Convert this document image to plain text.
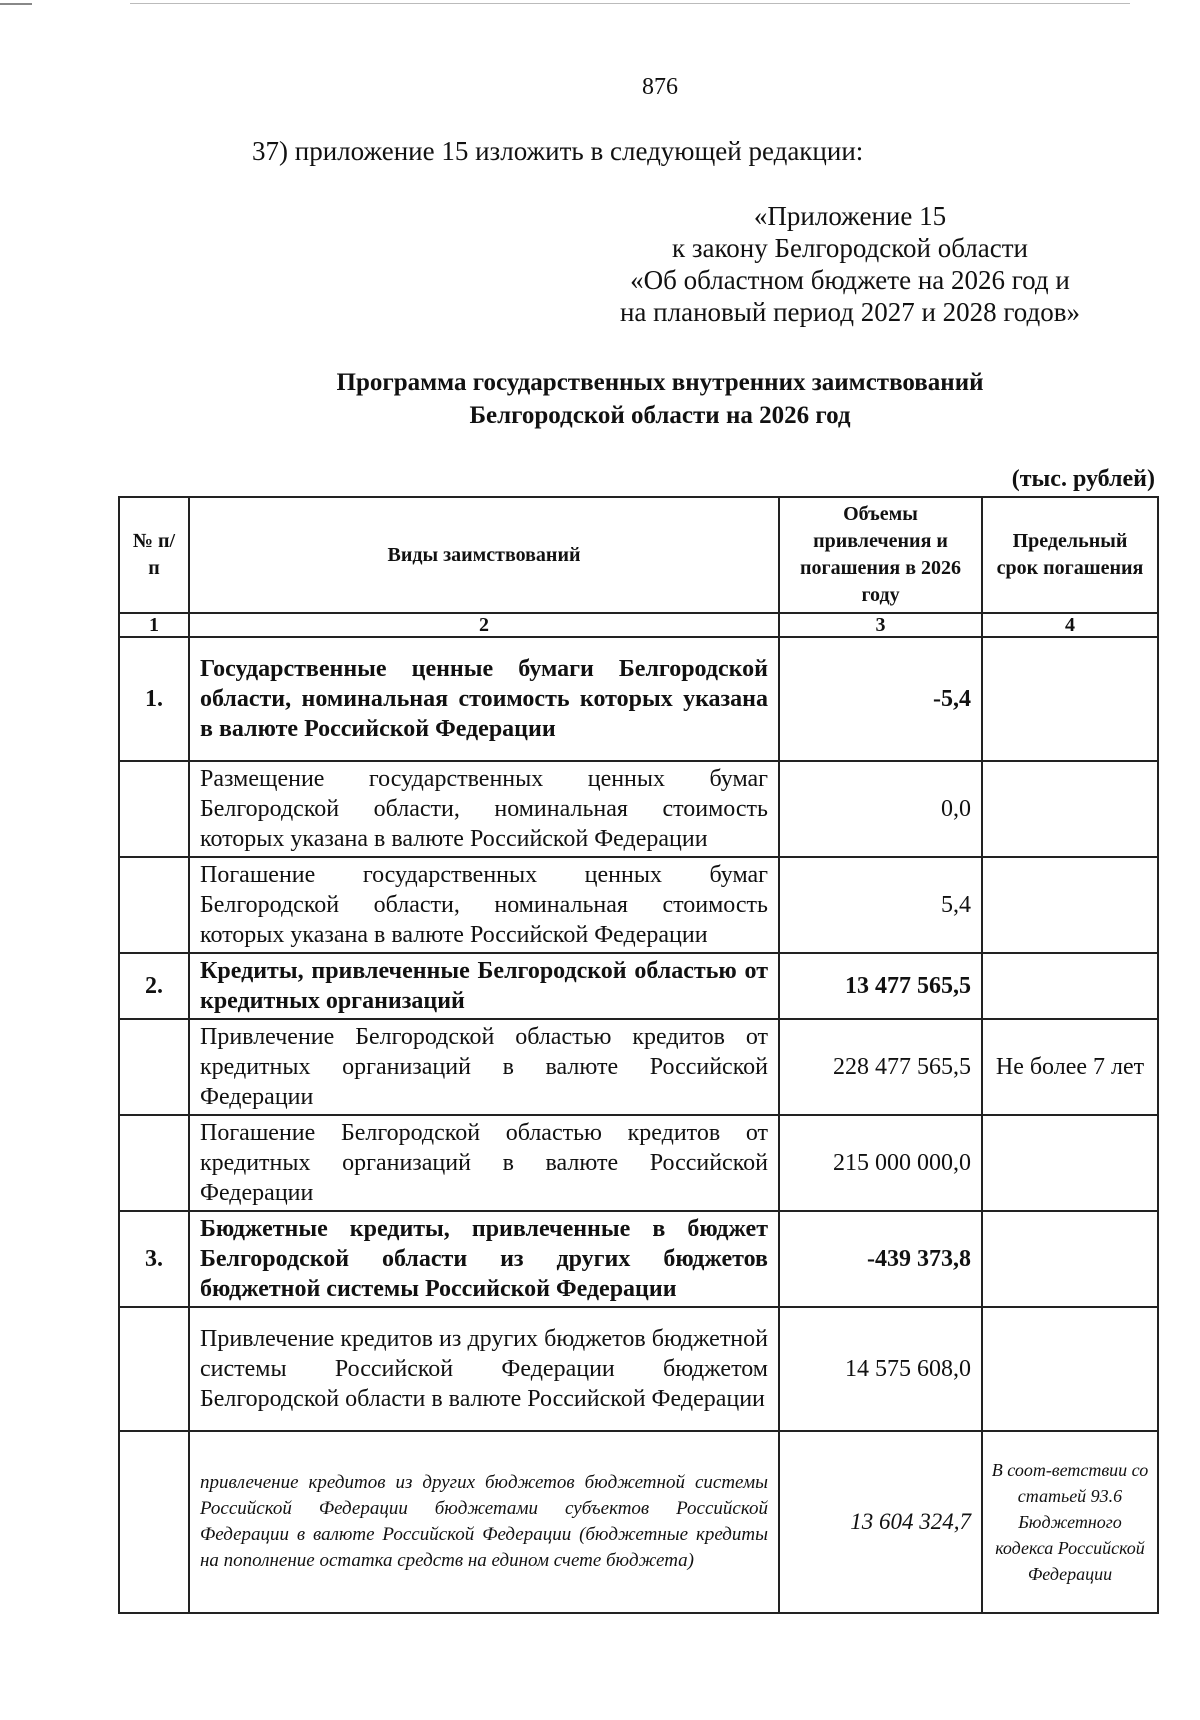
876
37) приложение 15 изложить в следующей редакции:
«Приложение 15
к закону Белгородской области
«Об областном бюджете на 2026 год и
на плановый период 2027 и 2028 годов»
Программа государственных внутренних заимствований
Белгородской области на 2026 год
(тыс. рублей)
№ п/п	Виды заимствований	Объемы привлечения и погашения в 2026 году	Предельный срок погашения
1	2	3	4
1.	Государственные ценные бумаги Белгородской области, номинальная стоимость которых указана в валюте Российской Федерации	-5,4	
	Размещение государственных ценных бумаг Белгородской области, номинальная стоимость которых указана в валюте Российской Федерации	0,0	
	Погашение государственных ценных бумаг Белгородской области, номинальная стоимость которых указана в валюте Российской Федерации	5,4	
2.	Кредиты, привлеченные Белгородской областью от кредитных организаций	13 477 565,5	
	Привлечение Белгородской областью кредитов от кредитных организаций в валюте Российской Федерации	228 477 565,5	Не более 7 лет
	Погашение Белгородской областью кредитов от кредитных организаций в валюте Российской Федерации	215 000 000,0	
3.	Бюджетные кредиты, привлеченные в бюджет Белгородской области из других бюджетов бюджетной системы Российской Федерации	-439 373,8	
	Привлечение кредитов из других бюджетов бюджетной системы Российской Федерации бюджетом Белгородской области в валюте Российской Федерации	14 575 608,0	
	привлечение кредитов из других бюджетов бюджетной системы Российской Федерации бюджетами субъектов Российской Федерации в валюте Российской Федерации (бюджетные кредиты на пополнение остатка средств на едином счете бюджета)	13 604 324,7	В соот-ветствии со статьей 93.6 Бюджетного кодекса Российской Федерации
